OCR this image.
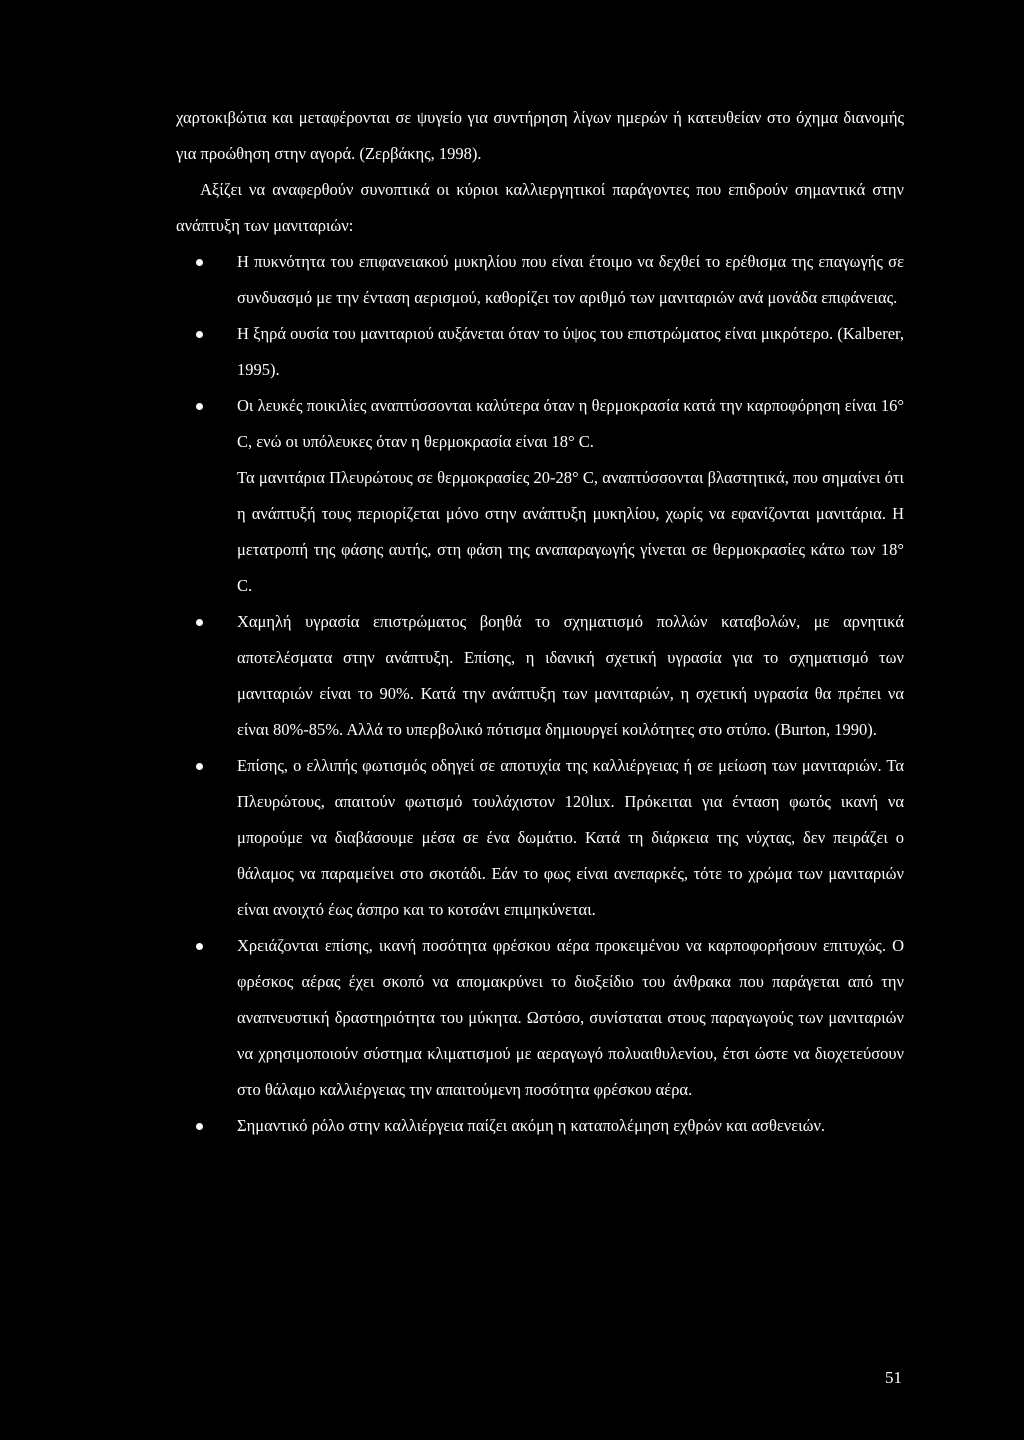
χαρτοκιβώτια και μεταφέρονται σε ψυγείο για συντήρηση λίγων ημερών ή κατευθείαν στο όχημα διανομής για προώθηση στην αγορά. (Ζερβάκης, 1998).

Αξίζει να αναφερθούν συνοπτικά οι κύριοι καλλιεργητικοί παράγοντες που επιδρούν σημαντικά στην ανάπτυξη των μανιταριών:

Η πυκνότητα του επιφανειακού μυκηλίου που είναι έτοιμο να δεχθεί το ερέθισμα της επαγωγής σε συνδυασμό με την ένταση αερισμού, καθορίζει τον αριθμό των μανιταριών ανά μονάδα επιφάνειας.
Η ξηρά ουσία του μανιταριού αυξάνεται όταν το ύψος του επιστρώματος είναι μικρότερο. (Kalberer, 1995).
Οι λευκές ποικιλίες αναπτύσσονται καλύτερα όταν η θερμοκρασία κατά την καρποφόρηση είναι 16° C, ενώ οι υπόλευκες όταν η θερμοκρασία είναι 18° C.
Τα μανιτάρια Πλευρώτους σε θερμοκρασίες 20-28° C, αναπτύσσονται βλαστητικά, που σημαίνει ότι η ανάπτυξή τους περιορίζεται μόνο στην ανάπτυξη μυκηλίου, χωρίς να εφανίζονται μανιτάρια. Η μετατροπή της φάσης αυτής, στη φάση της αναπαραγωγής γίνεται σε θερμοκρασίες κάτω των 18° C.
Χαμηλή υγρασία επιστρώματος βοηθά το σχηματισμό πολλών καταβολών, με αρνητικά αποτελέσματα στην ανάπτυξη. Επίσης, η ιδανική σχετική υγρασία για το σχηματισμό των μανιταριών είναι το 90%. Κατά την ανάπτυξη των μανιταριών, η σχετική υγρασία θα πρέπει να είναι 80%-85%. Αλλά το υπερβολικό πότισμα δημιουργεί κοιλότητες στο στύπο. (Burton, 1990).
Επίσης, ο ελλιπής φωτισμός οδηγεί σε αποτυχία της καλλιέργειας ή σε μείωση των μανιταριών. Τα Πλευρώτους, απαιτούν φωτισμό τουλάχιστον 120lux. Πρόκειται για ένταση φωτός ικανή να μπορούμε να διαβάσουμε μέσα σε ένα δωμάτιο. Κατά τη διάρκεια της νύχτας, δεν πειράζει ο θάλαμος να παραμείνει στο σκοτάδι. Εάν το φως είναι ανεπαρκές, τότε το χρώμα των μανιταριών είναι ανοιχτό έως άσπρο και το κοτσάνι επιμηκύνεται.
Χρειάζονται επίσης, ικανή ποσότητα φρέσκου αέρα προκειμένου να καρποφορήσουν επιτυχώς. Ο φρέσκος αέρας έχει σκοπό να απομακρύνει το διοξείδιο του άνθρακα που παράγεται από την αναπνευστική δραστηριότητα του μύκητα. Ωστόσο, συνίσταται στους παραγωγούς των μανιταριών να χρησιμοποιούν σύστημα κλιματισμού με αεραγωγό πολυαιθυλενίου, έτσι ώστε να διοχετεύσουν στο θάλαμο καλλιέργειας την απαιτούμενη ποσότητα φρέσκου αέρα.
Σημαντικό ρόλο στην καλλιέργεια παίζει ακόμη η καταπολέμηση εχθρών και ασθενειών.
51
